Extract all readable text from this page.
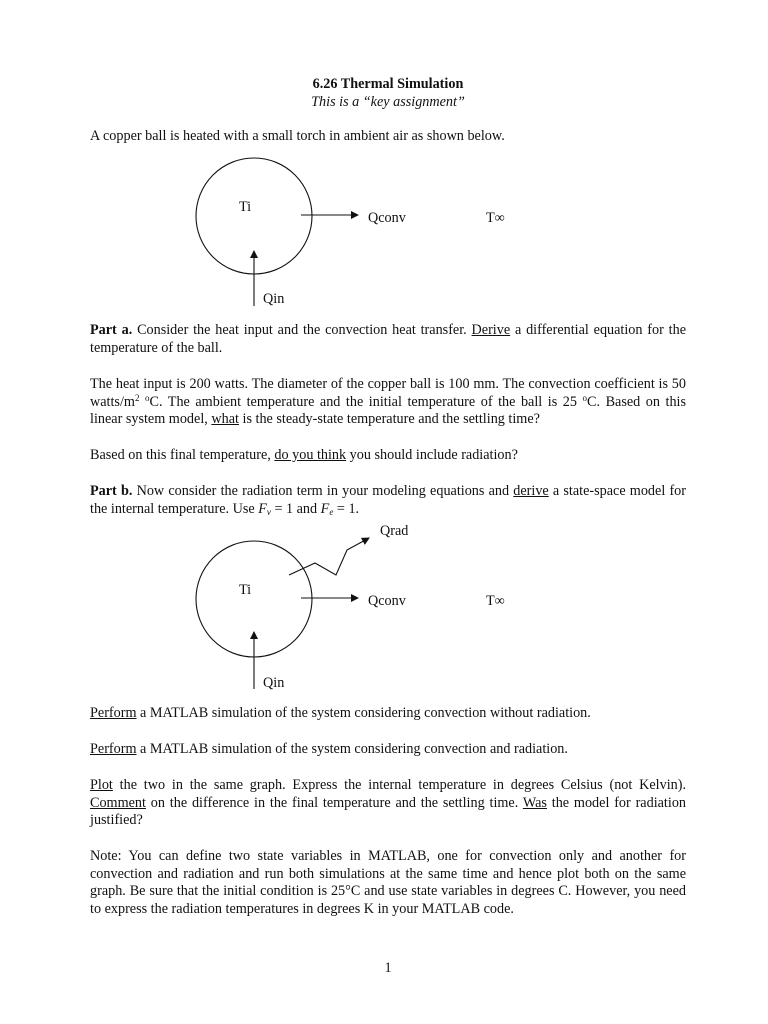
6.26 Thermal Simulation
This is a “key assignment”
A copper ball is heated with a small torch in ambient air as shown below.
Ti
Qconv	T∞
Qin
Part a. Consider the heat input and the convection heat transfer. Derive a differential equation for the temperature of the ball.
The heat input is 200 watts. The diameter of the copper ball is 100 mm. The convection coefficient is 50 watts/$m^2$ $^o$C. The ambient temperature and the initial temperature of the ball is 25 $^o$C. Based on this linear system model, what is the steady-state temperature and the settling time?
Based on this final temperature, do you think you should include radiation?
Part b. Now consider the radiation term in your modeling equations and derive a state-space model for the internal temperature. Use $F_v = 1$ and $F_e = 1$.
Qrad
Ti
Qconv	T∞
Qin
Perform a MATLAB simulation of the system considering convection without radiation.
Perform a MATLAB simulation of the system considering convection and radiation.
Plot the two in the same graph. Express the internal temperature in degrees Celsius (not Kelvin). Comment on the difference in the final temperature and the settling time. Was the model for radiation justified?
Note: You can define two state variables in MATLAB, one for convection only and another for convection and radiation and run both simulations at the same time and hence plot both on the same graph. Be sure that the initial condition is 25°C and use state variables in degrees C. However, you need to express the radiation temperatures in degrees K in your MATLAB code.
1
